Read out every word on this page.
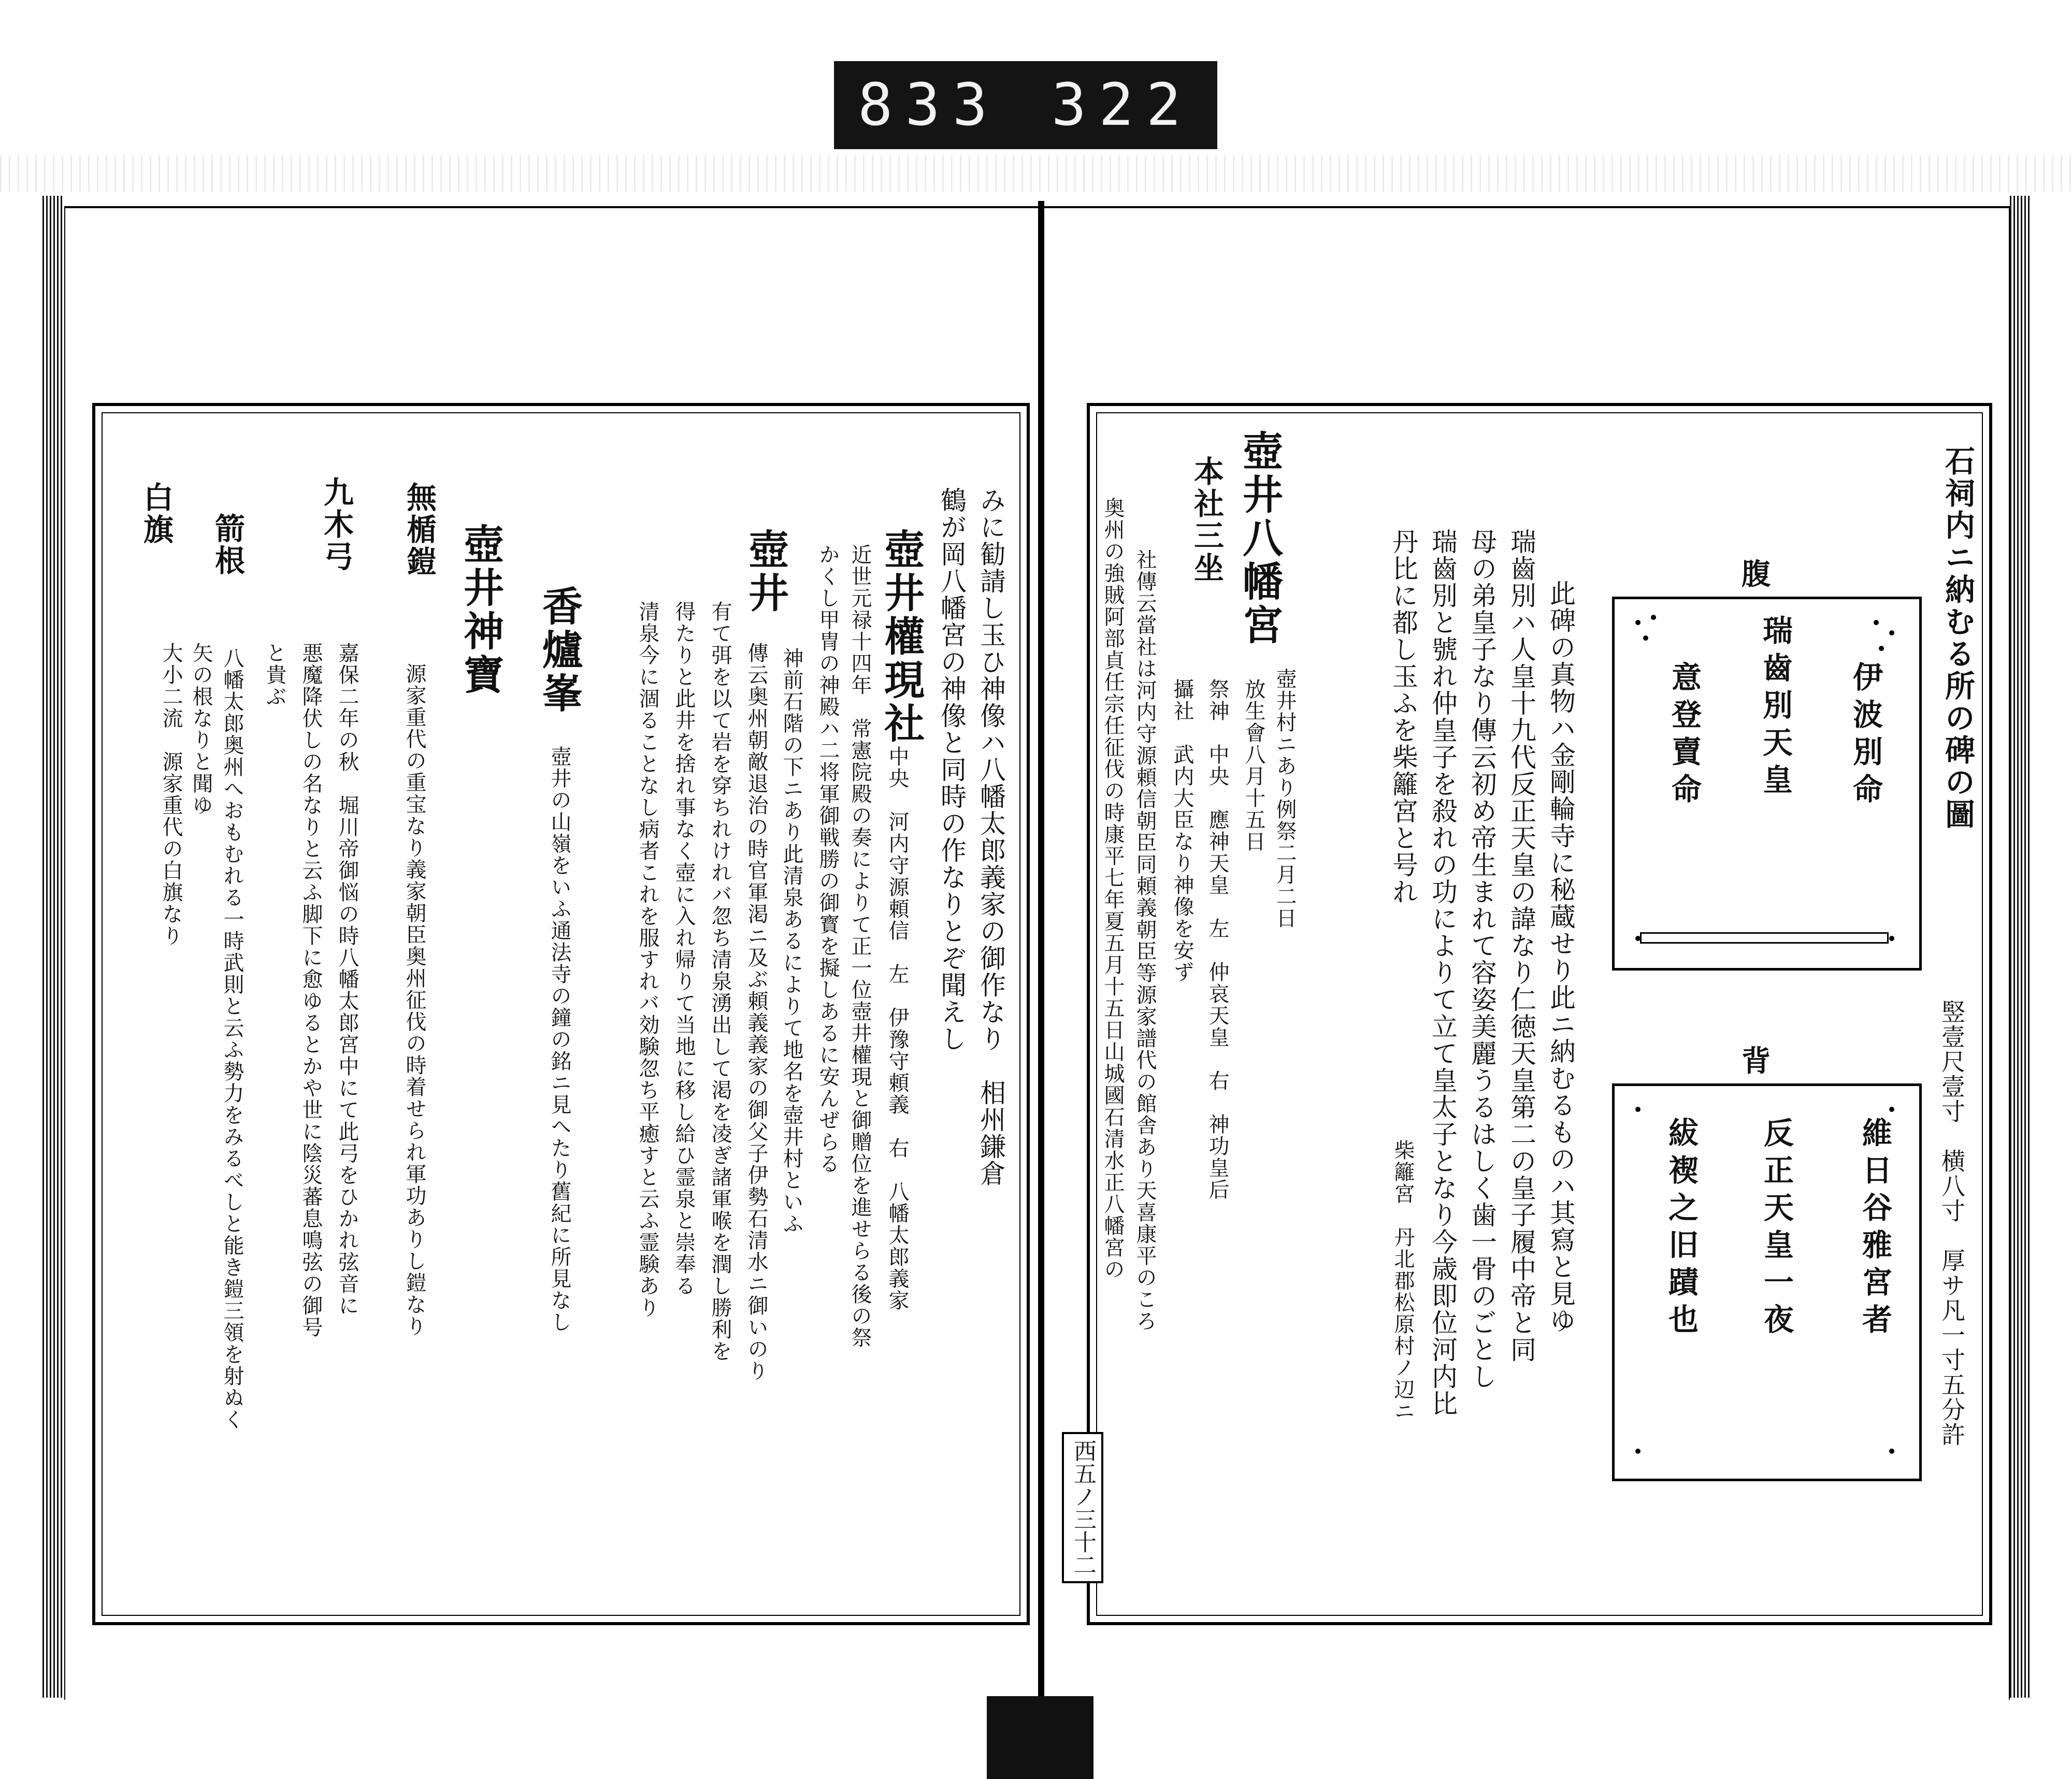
833 322
石祠内ニ納むる所の碑の圖
竪壹尺壹寸　横八寸　厚サ凡一寸五分許
腹
伊波別命
瑞齒別天皇
意登賣命
背
維日谷雅宮者
反正天皇一夜
紱褉之旧蹟也
此碑の真物ハ金剛輪寺に秘蔵せり此ニ納むるものハ其寫と見ゆ
瑞齒別ハ人皇十九代反正天皇の諱なり仁徳天皇第二の皇子履中帝と同
母の弟皇子なり傳云初め帝生まれて容姿美麗うるはしく歯一骨のごとし
瑞齒別と號れ仲皇子を殺れの功によりて立て皇太子となり今歳即位河内比
丹比に都し玉ふを柴籬宮と号れ
柴籬宮　丹北郡松原村ノ辺ニ
壺井八幡宮
壺井村ニあり例祭二月二日
放生會八月十五日
本社三坐
祭神　中央　應神天皇　左　仲哀天皇　右　神功皇后
攝社　武内大臣なり神像を安ず
社傳云當社は河内守源頼信朝臣同頼義朝臣等源家譜代の館舎あり天喜康平のころ
奥州の強賊阿部貞任宗任征伐の時康平七年夏五月十五日山城國石清水正八幡宮の
西五ノ三十二
みに勧請し玉ひ神像ハ八幡太郎義家の御作なり　相州鎌倉
鶴が岡八幡宮の神像と同時の作なりとぞ聞えし
壺井權現社
中央　河内守源頼信　左　伊豫守頼義　右　八幡太郎義家
近世元禄十四年　常憲院殿の奏によりて正一位壺井權現と御贈位を進せらる後の祭
かくし甲冑の神殿ハ二将軍御戦勝の御寳を擬しあるに安んぜらる
壺井
神前石階の下ニあり此清泉あるによりて地名を壺井村といふ
傳云奥州朝敵退治の時官軍渇ニ及ぶ頼義義家の御父子伊勢石清水ニ御いのり
有て弭を以て岩を穿ちれけれバ忽ち清泉湧出して渇を凌ぎ諸軍喉を潤し勝利を
得たりと此井を捨れ事なく壺に入れ帰りて当地に移し給ひ霊泉と崇奉る
清泉今に涸ることなし病者これを服すれバ効験忽ち平癒すと云ふ霊験あり
香爐峯
壺井の山嶺をいふ通法寺の鐘の銘ニ見へたり舊紀に所見なし
壺井神寶
無楯鎧
源家重代の重宝なり義家朝臣奥州征伐の時着せられ軍功ありし鎧なり
九木弓
嘉保二年の秋　堀川帝御悩の時八幡太郎宮中にて此弓をひかれ弦音に
悪魔降伏しの名なりと云ふ脚下に愈ゆるとかや世に陰災蕃息鳴弦の御号
と貴ぶ
箭根
八幡太郎奥州へおもむれる一時武則と云ふ勢力をみるべしと能き鎧三領を射ぬく
矢の根なりと聞ゆ
大小二流　源家重代の白旗なり
白旗
